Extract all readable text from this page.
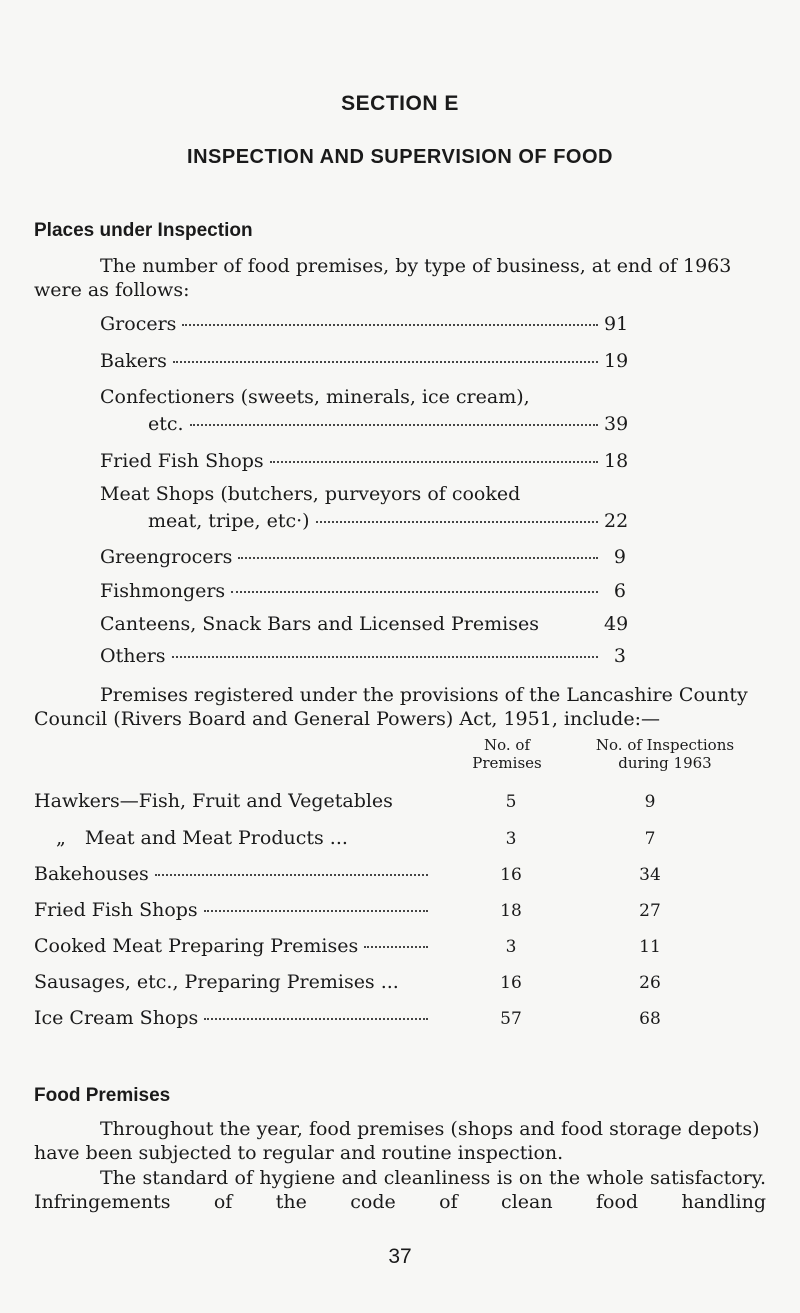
SECTION E
INSPECTION AND SUPERVISION OF FOOD
Places under Inspection

The number of food premises, by type of business, at end of 1963 were as follows:

Grocers	91
Bakers	19
Confectioners (sweets, minerals, ice cream),
etc.	39
Fried Fish Shops	18
Meat Shops (butchers, purveyors of cooked
meat, tripe, etc·)	22
Greengrocers	9
Fishmongers	6
Canteens, Snack Bars and Licensed Premises	49
Others	3

Premises registered under the provisions of the Lancashire County Council (Rivers Board and General Powers) Act, 1951, include:—

No. of
Premises
No. of Inspections
during 1963
Hawkers—Fish, Fruit and Vegetables	5	9
„ Meat and Meat Products ...	3	7
Bakehouses	16	34
Fried Fish Shops	18	27
Cooked Meat Preparing Premises	3	11
Sausages, etc., Preparing Premises ...	16	26
Ice Cream Shops	57	68
Food Premises

Throughout the year, food premises (shops and food storage depots) have been subjected to regular and routine inspection.

The standard of hygiene and cleanliness is on the whole satisfactory. Infringements of the code of clean food handling

37
